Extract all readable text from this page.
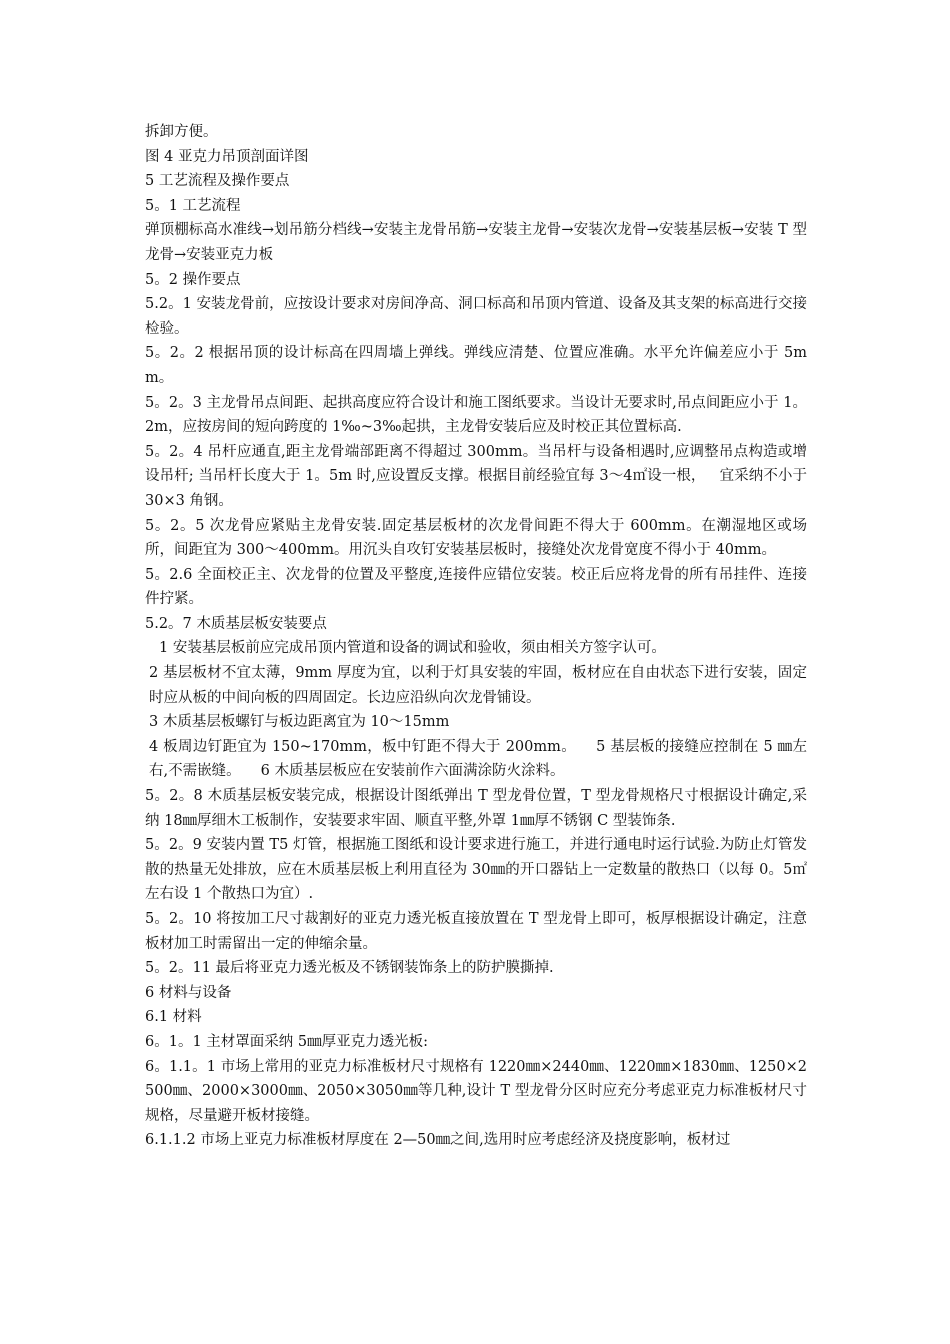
拆卸方便。

图 4 亚克力吊顶剖面详图

5 工艺流程及操作要点

5。1 工艺流程

弹顶棚标高水准线→划吊筋分档线→安装主龙骨吊筋→安装主龙骨→安装次龙骨→安装基层板→安装 T 型龙骨→安装亚克力板

5。2 操作要点

5.2。1 安装龙骨前，应按设计要求对房间净高、洞口标高和吊顶内管道、设备及其支架的标高进行交接检验。

5。2。2 根据吊顶的设计标高在四周墙上弹线。弹线应清楚、位置应准确。水平允许偏差应小于 5mm。

5。2。3 主龙骨吊点间距、起拱高度应符合设计和施工图纸要求。当设计无要求时,吊点间距应小于 1。2m，应按房间的短向跨度的 1‰~3‰起拱，主龙骨安装后应及时校正其位置标高.

5。2。4 吊杆应通直,距主龙骨端部距离不得超过 300mm。当吊杆与设备相遇时,应调整吊点构造或增设吊杆; 当吊杆长度大于 1。5m 时,应设置反支撑。根据目前经验宜每 3～4㎡设一根，   宜采纳不小于 30×3 角钢。

5。2。5 次龙骨应紧贴主龙骨安装.固定基层板材的次龙骨间距不得大于 600mm。在潮湿地区或场所，间距宜为 300～400mm。用沉头自攻钉安装基层板时，接缝处次龙骨宽度不得小于 40mm。

5。2.6 全面校正主、次龙骨的位置及平整度,连接件应错位安装。校正后应将龙骨的所有吊挂件、连接件拧紧。

5.2。7 木质基层板安装要点

1 安装基层板前应完成吊顶内管道和设备的调试和验收，须由相关方签字认可。

2 基层板材不宜太薄，9mm 厚度为宜，以利于灯具安装的牢固，板材应在自由状态下进行安装，固定时应从板的中间向板的四周固定。长边应沿纵向次龙骨铺设。

3 木质基层板螺钉与板边距离宜为 10～15mm

4 板周边钉距宜为 150~170mm，板中钉距不得大于 200mm。 5 基层板的接缝应控制在 5 ㎜左右,不需嵌缝。 6 木质基层板应在安装前作六面满涂防火涂料。

5。2。8 木质基层板安装完成，根据设计图纸弹出 T 型龙骨位置，T 型龙骨规格尺寸根据设计确定,采纳 18㎜厚细木工板制作，安装要求牢固、顺直平整,外罩 1㎜厚不锈钢 C 型装饰条.

5。2。9 安装内置 T5 灯管，根据施工图纸和设计要求进行施工，并进行通电时运行试验.为防止灯管发散的热量无处排放，应在木质基层板上利用直径为 30㎜的开口器钻上一定数量的散热口（以每 0。5㎡左右设 1 个散热口为宜）.

5。2。10 将按加工尺寸裁割好的亚克力透光板直接放置在 T 型龙骨上即可，板厚根据设计确定，注意板材加工时需留出一定的伸缩余量。

5。2。11 最后将亚克力透光板及不锈钢装饰条上的防护膜撕掉.

6 材料与设备

6.1 材料

6。1。1 主材罩面采纳 5㎜厚亚克力透光板:

6。1.1。1 市场上常用的亚克力标准板材尺寸规格有 1220㎜×2440㎜、1220㎜×1830㎜、1250×2500㎜、2000×3000㎜、2050×3050㎜等几种,设计 T 型龙骨分区时应充分考虑亚克力标准板材尺寸规格，尽量避开板材接缝。

6.1.1.2 市场上亚克力标准板材厚度在 2—50㎜之间,选用时应考虑经济及挠度影响，板材过
